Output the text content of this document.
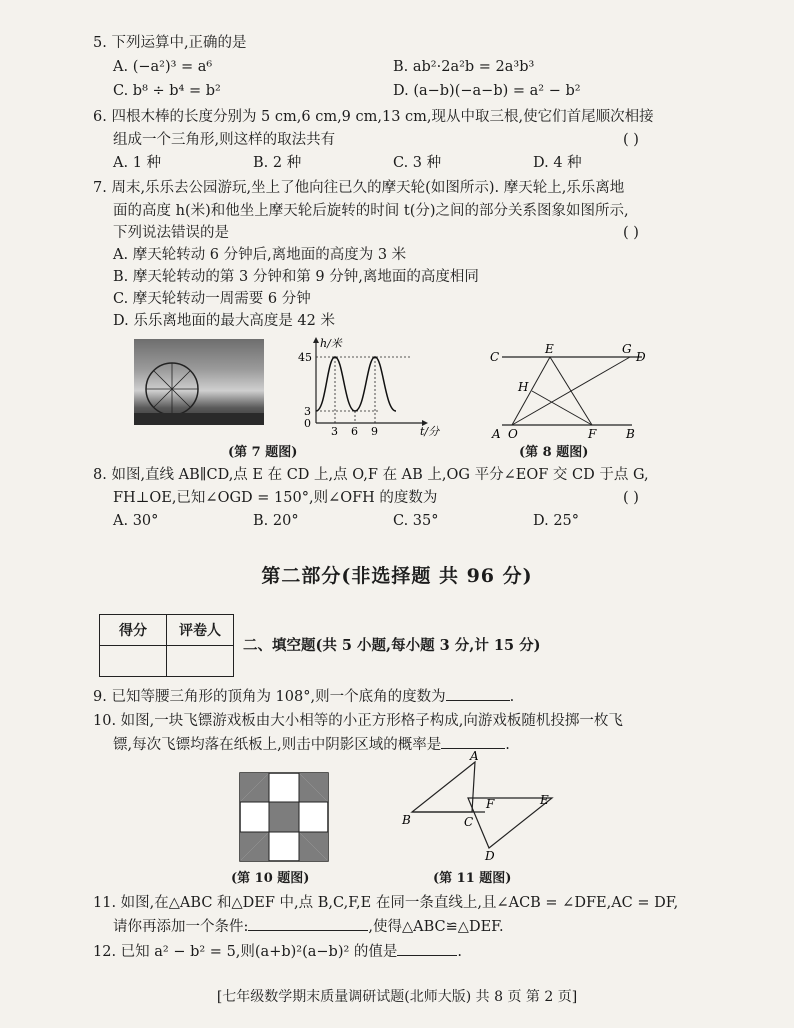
5. 下列运算中,正确的是
A. (−a²)³ = a⁶	B. ab²·2a²b = 2a³b³
C. b⁸ ÷ b⁴ = b²	D. (a−b)(−a−b) = a² − b²
6. 四根木棒的长度分别为 5 cm,6 cm,9 cm,13 cm,现从中取三根,使它们首尾顺次相接
组成一个三角形,则这样的取法共有	( )
A. 1 种	B. 2 种	C. 3 种	D. 4 种
7. 周末,乐乐去公园游玩,坐上了他向往已久的摩天轮(如图所示). 摩天轮上,乐乐离地
面的高度 h(米)和他坐上摩天轮后旋转的时间 t(分)之间的部分关系图象如图所示,
下列说法错误的是	( )
A. 摩天轮转动 6 分钟后,离地面的高度为 3 米
B. 摩天轮转动的第 3 分钟和第 9 分钟,离地面的高度相同
C. 摩天轮转动一周需要 6 分钟
D. 乐乐离地面的最大高度是 42 米
h/米
t/分
45
3
0
3 6 9
(第 7 题图)
C
E	G
D
H
A O	F B
(第 8 题图)
8. 如图,直线 AB∥CD,点 E 在 CD 上,点 O,F 在 AB 上,OG 平分∠EOF 交 CD 于点 G,
FH⊥OE,已知∠OGD = 150°,则∠OFH 的度数为	( )
A. 30°	B. 20°	C. 35°	D. 25°
第二部分(非选择题 共 96 分)
得分	评卷人

二、填空题(共 5 小题,每小题 3 分,计 15 分)
9. 已知等腰三角形的顶角为 108°,则一个底角的度数为	.
10. 如图,一块飞镖游戏板由大小相等的小正方形格子构成,向游戏板随机投掷一枚飞
镖,每次飞镖均落在纸板上,则击中阴影区域的概率是	.
(第 10 题图)
A
B	C
F	E
D
(第 11 题图)
11. 如图,在△ABC 和△DEF 中,点 B,C,F,E 在同一条直线上,且∠ACB = ∠DFE,AC = DF,
请你再添加一个条件:	,使得△ABC≌△DEF.
12. 已知 a² − b² = 5,则(a+b)²(a−b)² 的值是	.
[七年级数学期末质量调研试题(北师大版) 共 8 页 第 2 页]
